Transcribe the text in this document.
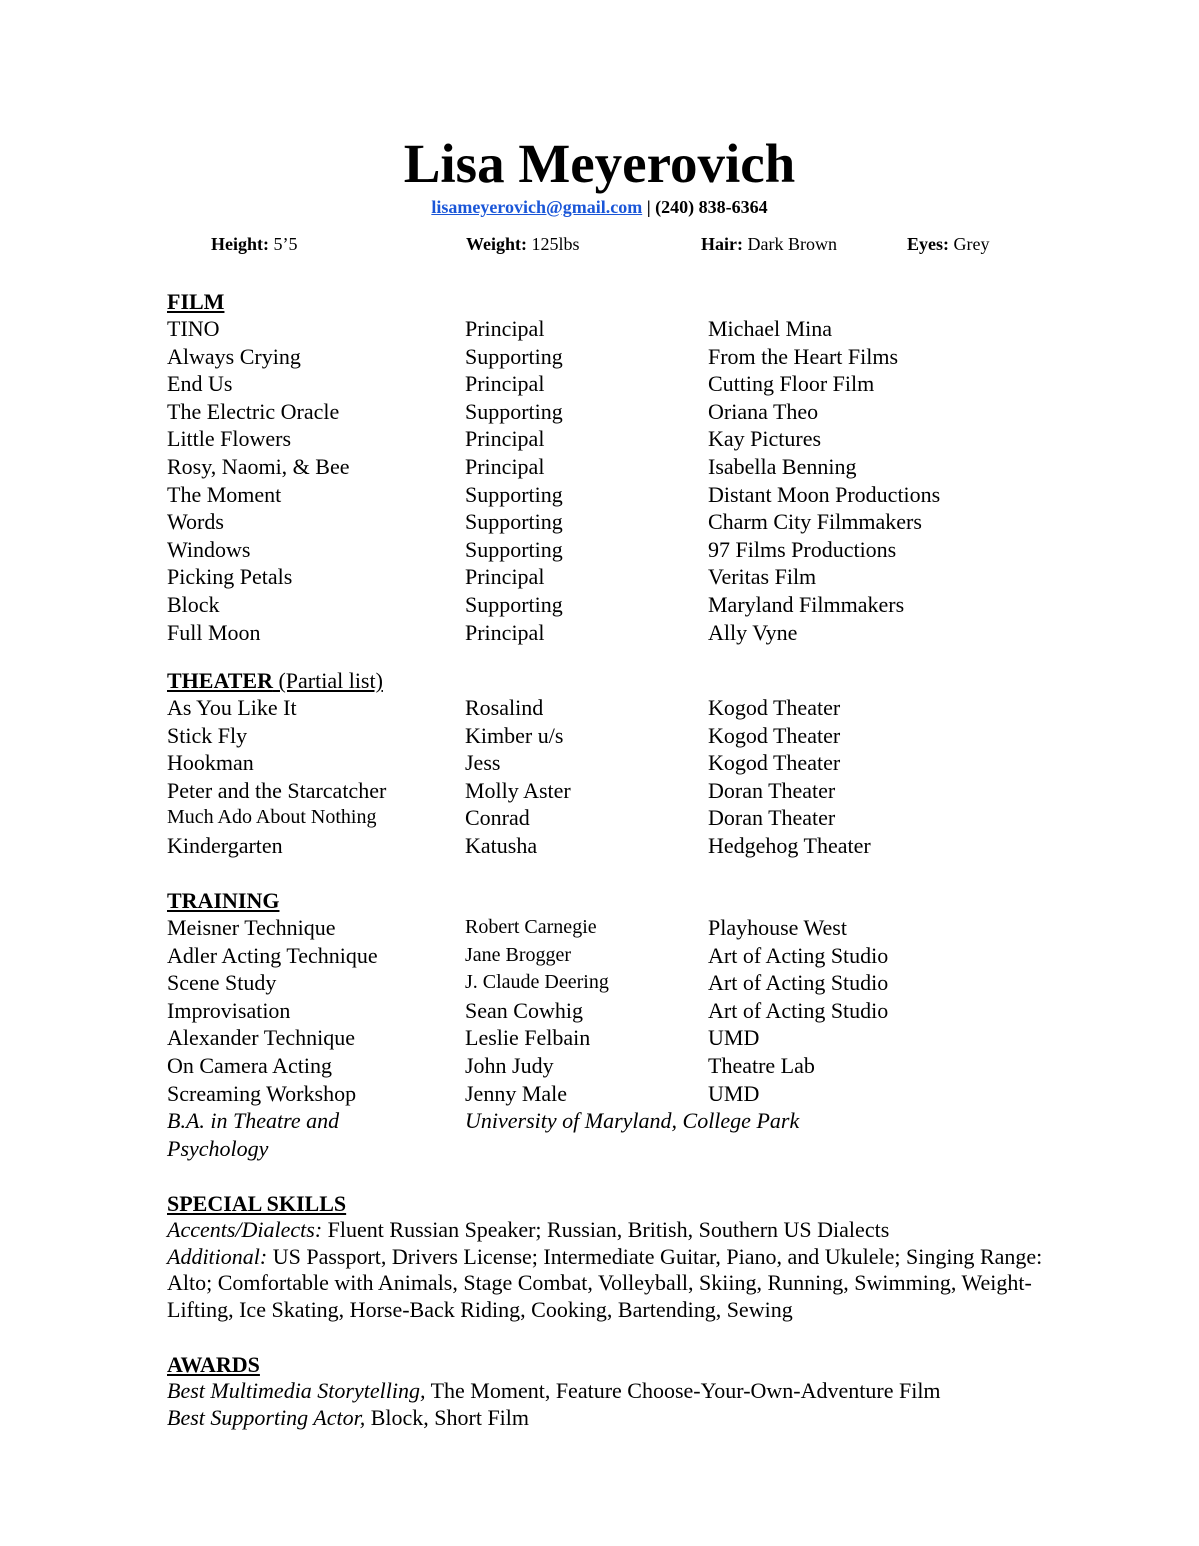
Lisa Meyerovich
lisameyerovich@gmail.com | (240) 838-6364
Height: 5’5	Weight: 125lbs	Hair: Dark Brown	Eyes: Grey
FILM
TINO	Principal	Michael Mina
Always Crying	Supporting	From the Heart Films
End Us	Principal	Cutting Floor Film
The Electric Oracle	Supporting	Oriana Theo
Little Flowers	Principal	Kay Pictures
Rosy, Naomi, & Bee	Principal	Isabella Benning
The Moment	Supporting	Distant Moon Productions
Words	Supporting	Charm City Filmmakers
Windows	Supporting	97 Films Productions
Picking Petals	Principal	Veritas Film
Block	Supporting	Maryland Filmmakers
Full Moon	Principal	Ally Vyne
THEATER (Partial list)
As You Like It	Rosalind	Kogod Theater
Stick Fly	Kimber u/s	Kogod Theater
Hookman	Jess	Kogod Theater
Peter and the Starcatcher	Molly Aster	Doran Theater
Much Ado About Nothing	Conrad	Doran Theater
Kindergarten	Katusha	Hedgehog Theater
TRAINING
Meisner Technique	Robert Carnegie	Playhouse West
Adler Acting Technique	Jane Brogger	Art of Acting Studio
Scene Study	J. Claude Deering	Art of Acting Studio
Improvisation	Sean Cowhig	Art of Acting Studio
Alexander Technique	Leslie Felbain	UMD
On Camera Acting	John Judy	Theatre Lab
Screaming Workshop	Jenny Male	UMD
B.A. in Theatre and	University of Maryland, College Park
Psychology
SPECIAL SKILLS
Accents/Dialects: Fluent Russian Speaker; Russian, British, Southern US Dialects
Additional: US Passport, Drivers License; Intermediate Guitar, Piano, and Ukulele; Singing Range: Alto; Comfortable with Animals, Stage Combat, Volleyball, Skiing, Running, Swimming, Weight-Lifting, Ice Skating, Horse-Back Riding, Cooking, Bartending, Sewing
AWARDS
Best Multimedia Storytelling, The Moment, Feature Choose-Your-Own-Adventure Film
Best Supporting Actor, Block, Short Film
